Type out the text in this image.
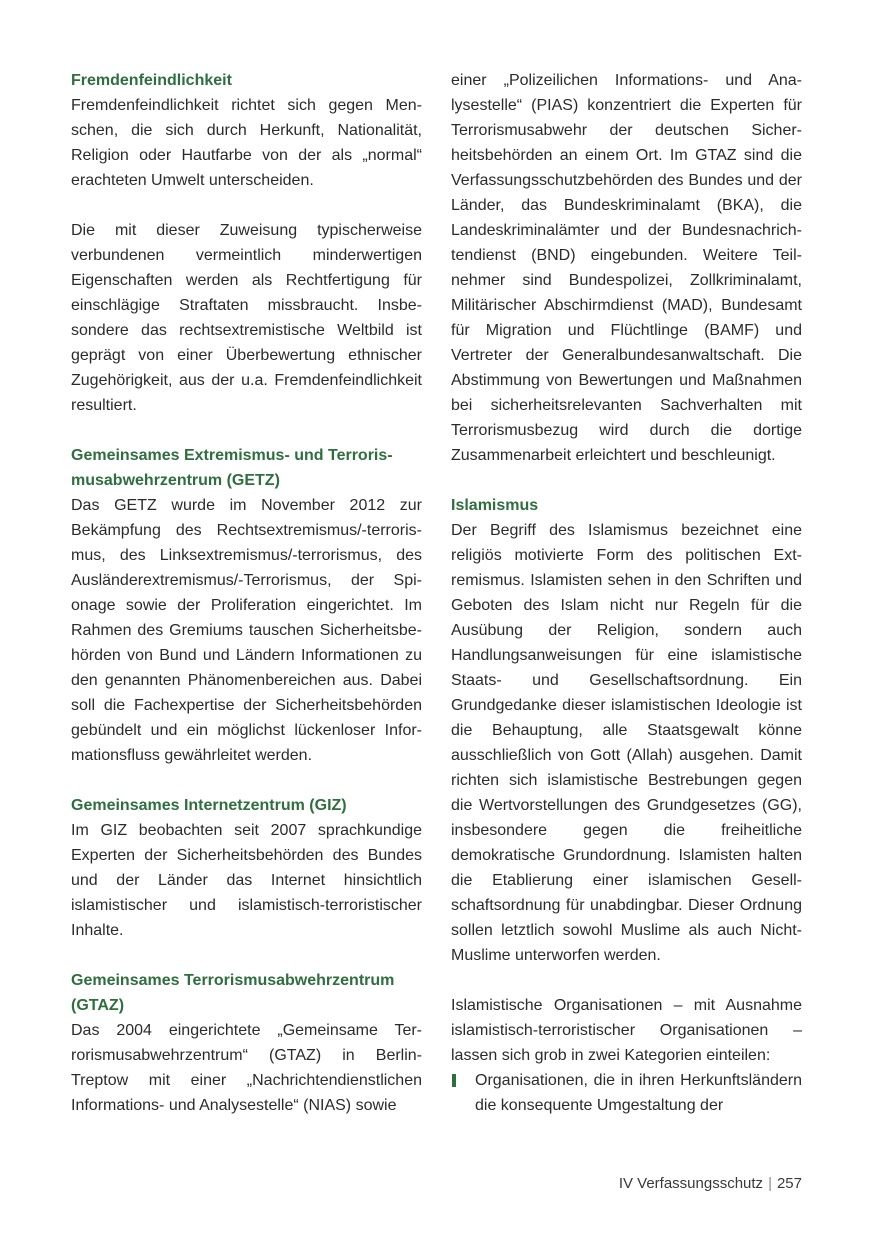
Fremdenfeindlichkeit

Fremdenfeindlichkeit richtet sich gegen Menschen, die sich durch Herkunft, Nationalität, Religion oder Hautfarbe von der als „normal“ erachteten Umwelt unterscheiden.

Die mit dieser Zuweisung typischerweise verbundenen vermeintlich minderwertigen Eigenschaften werden als Rechtfertigung für einschlägige Straftaten missbraucht. Insbesondere das rechtsextremistische Weltbild ist geprägt von einer Überbewertung ethnischer Zugehörigkeit, aus der u.a. Fremdenfeindlichkeit resultiert.

Gemeinsames Extremismus- und Terrorismusabwehrzentrum (GETZ)

Das GETZ wurde im November 2012 zur Bekämpfung des Rechtsextremismus/-terrorismus, des Linksextremismus/-terrorismus, des Ausländerextremismus/-Terrorismus, der Spionage sowie der Proliferation eingerichtet. Im Rahmen des Gremiums tauschen Sicherheitsbehörden von Bund und Ländern Informationen zu den genannten Phänomenbereichen aus. Dabei soll die Fachexpertise der Sicherheitsbehörden gebündelt und ein möglichst lückenloser Informationsfluss gewährleitet werden.

Gemeinsames Internetzentrum (GIZ)

Im GIZ beobachten seit 2007 sprachkundige Experten der Sicherheitsbehörden des Bundes und der Länder das Internet hinsichtlich islamistischer und islamistisch-terroristischer Inhalte.

Gemeinsames Terrorismusabwehrzentrum (GTAZ)

Das 2004 eingerichtete „Gemeinsame Terrorismusabwehrzentrum“ (GTAZ) in Berlin-Treptow mit einer „Nachrichtendienstlichen Informations- und Analysestelle“ (NIAS) sowie

einer „Polizeilichen Informations- und Analysestelle“ (PIAS) konzentriert die Experten für Terrorismusabwehr der deutschen Sicherheitsbehörden an einem Ort. Im GTAZ sind die Verfassungsschutzbehörden des Bundes und der Länder, das Bundeskriminalamt (BKA), die Landeskriminalämter und der Bundesnachrichtendienst (BND) eingebunden. Weitere Teilnehmer sind Bundespolizei, Zollkriminalamt, Militärischer Abschirmdienst (MAD), Bundesamt für Migration und Flüchtlinge (BAMF) und Vertreter der Generalbundesanwaltschaft. Die Abstimmung von Bewertungen und Maßnahmen bei sicherheitsrelevanten Sachverhalten mit Terrorismusbezug wird durch die dortige Zusammenarbeit erleichtert und beschleunigt.

Islamismus

Der Begriff des Islamismus bezeichnet eine religiös motivierte Form des politischen Extremismus. Islamisten sehen in den Schriften und Geboten des Islam nicht nur Regeln für die Ausübung der Religion, sondern auch Handlungsanweisungen für eine islamistische Staats- und Gesellschaftsordnung. Ein Grundgedanke dieser islamistischen Ideologie ist die Behauptung, alle Staatsgewalt könne ausschließlich von Gott (Allah) ausgehen. Damit richten sich islamistische Bestrebungen gegen die Wertvorstellungen des Grundgesetzes (GG), insbesondere gegen die freiheitliche demokratische Grundordnung. Islamisten halten die Etablierung einer islamischen Gesellschaftsordnung für unabdingbar. Dieser Ordnung sollen letztlich sowohl Muslime als auch Nicht-Muslime unterworfen werden.

Islamistische Organisationen – mit Ausnahme islamistisch-terroristischer Organisationen – lassen sich grob in zwei Kategorien einteilen:

Organisationen, die in ihren Herkunftsländern die konsequente Umgestaltung der
IV Verfassungsschutz | 257
